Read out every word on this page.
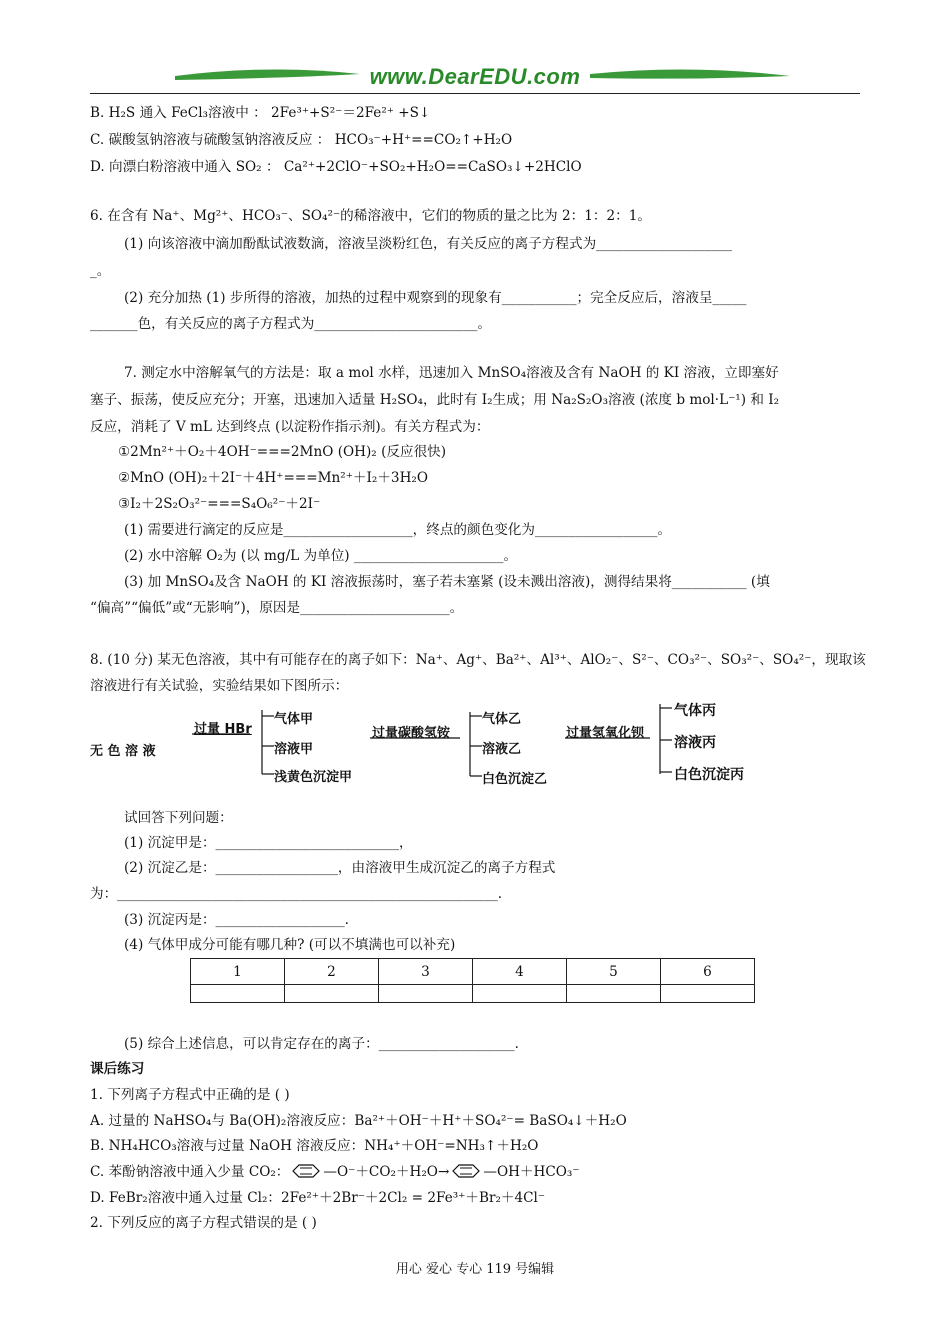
www.DearEDU.com
B. H₂S 通入 FeCl₃溶液中 ： 2Fe³⁺+S²⁻＝2Fe²⁺ +S↓
C. 碳酸氢钠溶液与硫酸氢钠溶液反应 ： HCO₃⁻+H⁺==CO₂↑+H₂O
D. 向漂白粉溶液中通入 SO₂ ： Ca²⁺+2ClO⁻+SO₂+H₂O==CaSO₃↓+2HClO
6. 在含有 Na⁺、Mg²⁺、HCO₃⁻、SO₄²⁻的稀溶液中，它们的物质的量之比为 2：1：2：1。
(1) 向该溶液中滴加酚酞试液数滴，溶液呈淡粉红色，有关反应的离子方程式为____________________
_。
(2) 充分加热 (1) 步所得的溶液，加热的过程中观察到的现象有___________；完全反应后，溶液呈_____
_______色，有关反应的离子方程式为________________________。
7. 测定水中溶解氧气的方法是：取 a mol 水样，迅速加入 MnSO₄溶液及含有 NaOH 的 KI 溶液，立即塞好
塞子、振荡，使反应充分；开塞，迅速加入适量 H₂SO₄，此时有 I₂生成；用 Na₂S₂O₃溶液 (浓度 b mol·L⁻¹) 和 I₂
反应，消耗了 V mL 达到终点 (以淀粉作指示剂)。有关方程式为：
①2Mn²⁺＋O₂＋4OH⁻===2MnO (OH)₂ (反应很快)
②MnO (OH)₂＋2I⁻＋4H⁺===Mn²⁺＋I₂＋3H₂O
③I₂＋2S₂O₃²⁻===S₄O₆²⁻＋2I⁻
(1) 需要进行滴定的反应是___________________，终点的颜色变化为__________________。
(2) 水中溶解 O₂为 (以 mg/L 为单位) ______________________。
(3) 加 MnSO₄及含 NaOH 的 KI 溶液振荡时，塞子若未塞紧 (设未溅出溶液)，测得结果将___________ (填
“偏高”“偏低”或“无影响”)，原因是______________________。
8. (10 分) 某无色溶液，其中有可能存在的离子如下：Na⁺、Ag⁺、Ba²⁺、Al³⁺、AlO₂⁻、S²⁻、CO₃²⁻、SO₃²⁻、SO₄²⁻，现取该
溶液进行有关试验，实验结果如下图所示：
无 色 溶 液
过量 HBr
气体甲
溶液甲
浅黄色沉淀甲
过量碳酸氢铵
气体乙
溶液乙
白色沉淀乙
过量氢氧化钡
气体丙
溶液丙
白色沉淀丙
试回答下列问题：
(1) 沉淀甲是：___________________________，
(2) 沉淀乙是：__________________，由溶液甲生成沉淀乙的离子方程式
为：________________________________________________________.
(3) 沉淀丙是：___________________.
(4) 气体甲成分可能有哪几种? (可以不填满也可以补充)
1	2	3	4	5	6

(5) 综合上述信息，可以肯定存在的离子：____________________.
课后练习
1. 下列离子方程式中正确的是 ( )
A. 过量的 NaHSO₄与 Ba(OH)₂溶液反应：Ba²⁺＋OH⁻＋H⁺＋SO₄²⁻= BaSO₄↓＋H₂O
B. NH₄HCO₃溶液与过量 NaOH 溶液反应：NH₄⁺＋OH⁻=NH₃↑＋H₂O
C. 苯酚钠溶液中通入少量 CO₂：	—O⁻＋CO₂＋H₂O→	—OH＋HCO₃⁻
D. FeBr₂溶液中通入过量 Cl₂：2Fe²⁺＋2Br⁻＋2Cl₂ = 2Fe³⁺＋Br₂＋4Cl⁻
2. 下列反应的离子方程式错误的是 ( )
用心 爱心 专心 119 号编辑
